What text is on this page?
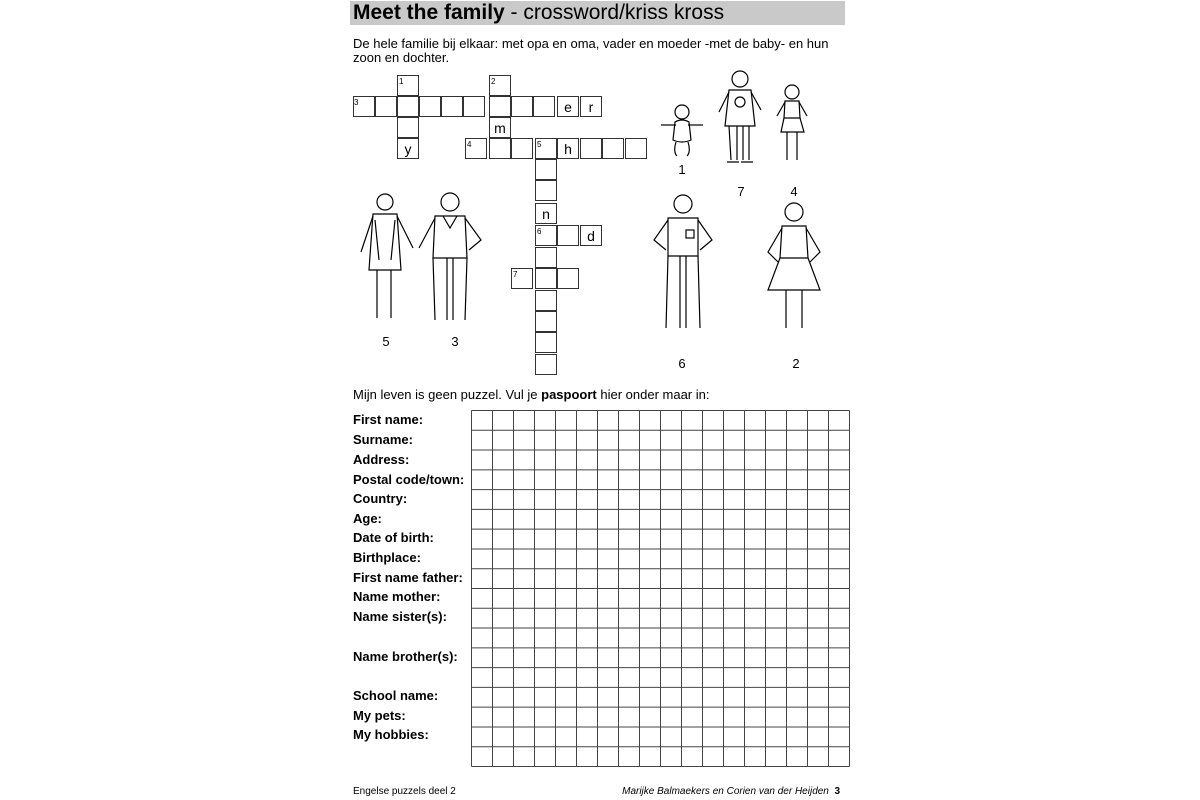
Meet the family - crossword/kriss kross
De hele familie bij elkaar: met opa en oma, vader en moeder -met de baby- en hun zoon en dochter.
e	r
y
m
h
n
d
3
1	2
4	5
6
7
1
7	4
5	3
6	2
Mijn leven is geen puzzel. Vul je paspoort hier onder maar in:
First name:
Surname:
Address:
Postal code/town:
Country:
Age:
Date of birth:
Birthplace:
First name father:
Name mother:
Name sister(s):
Name brother(s):
School name:
My pets:
My hobbies:
Engelse puzzels deel 2	Marijke Balmaekers en Corien van der Heijden 3
